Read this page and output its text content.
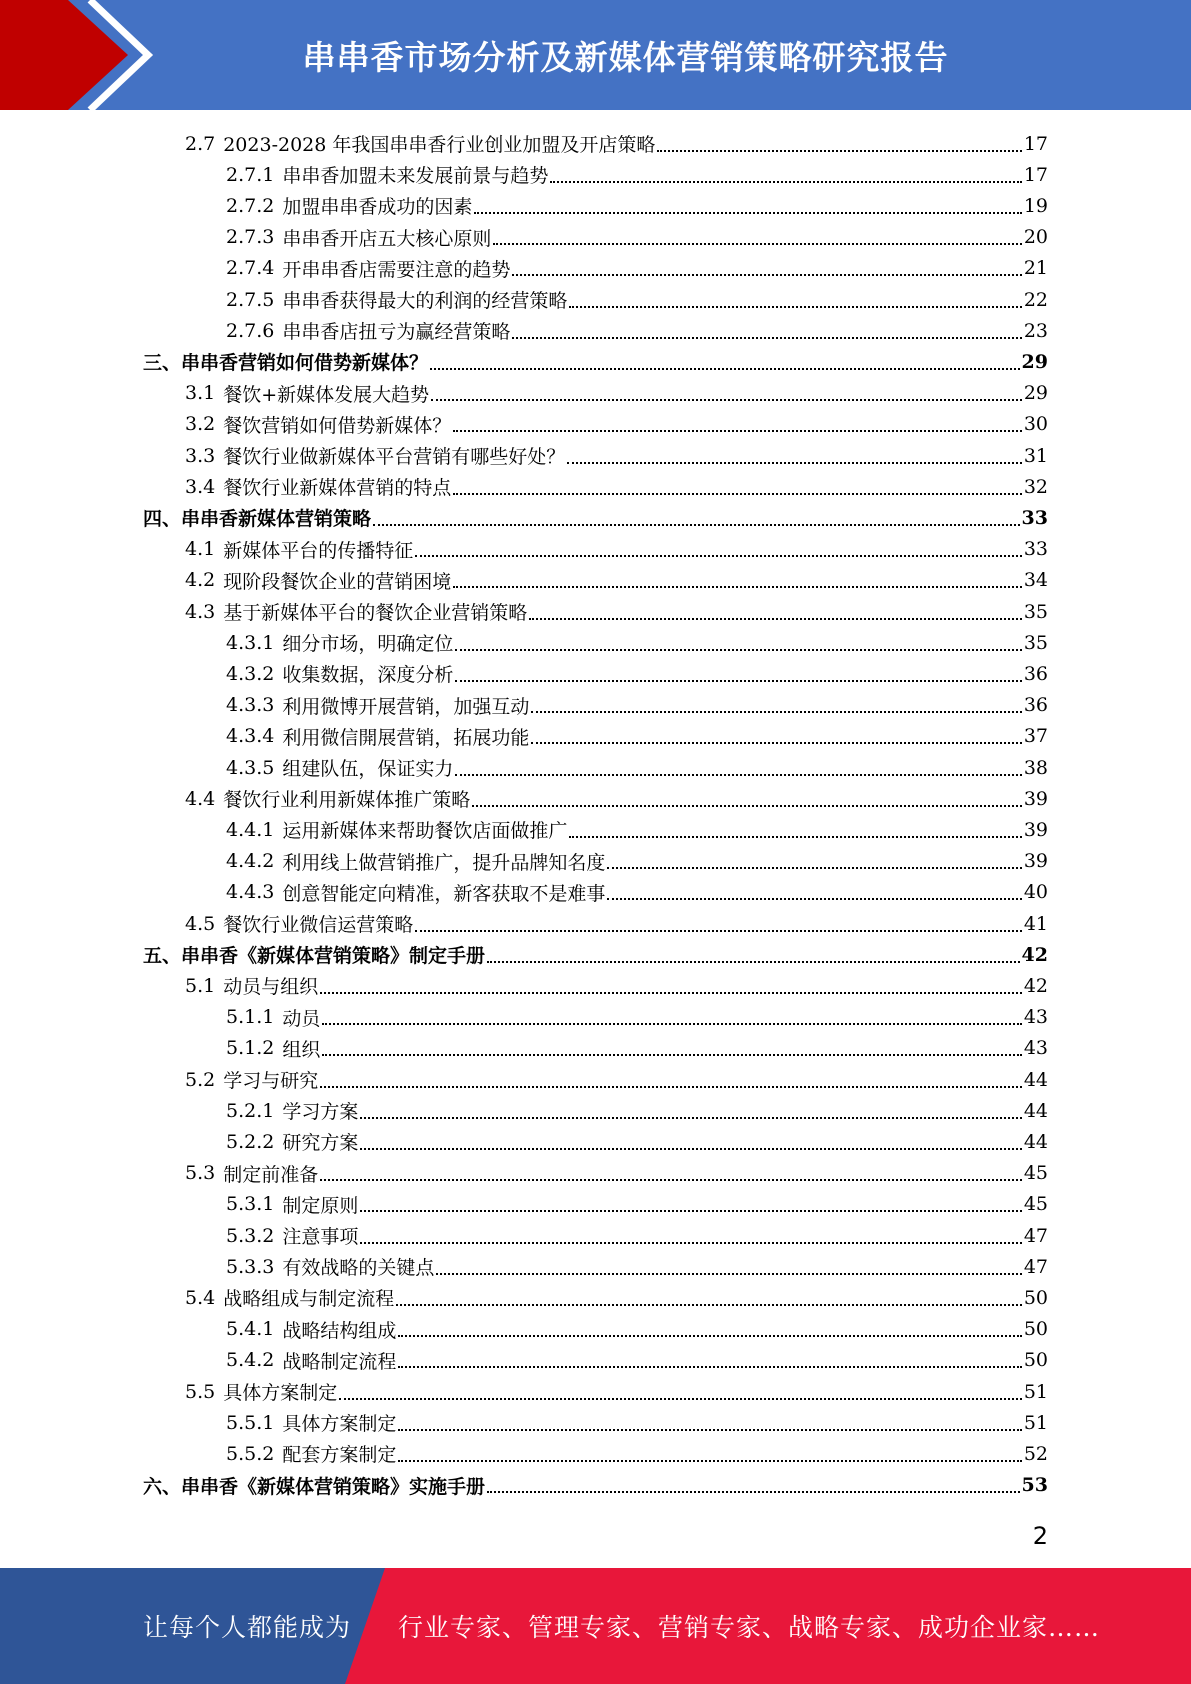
串串香市场分析及新媒体营销策略研究报告
2.7 2023-2028 年我国串串香行业创业加盟及开店策略	17
2.7.1 串串香加盟未来发展前景与趋势	17
2.7.2 加盟串串香成功的因素	19
2.7.3 串串香开店五大核心原则	20
2.7.4 开串串香店需要注意的趋势	21
2.7.5 串串香获得最大的利润的经营策略	22
2.7.6 串串香店扭亏为赢经营策略	23
三、串串香营销如何借势新媒体？	29
3.1 餐饮+新媒体发展大趋势	29
3.2 餐饮营销如何借势新媒体？	30
3.3 餐饮行业做新媒体平台营销有哪些好处？	31
3.4 餐饮行业新媒体营销的特点	32
四、串串香新媒体营销策略	33
4.1 新媒体平台的传播特征	33
4.2 现阶段餐饮企业的营销困境	34
4.3 基于新媒体平台的餐饮企业营销策略	35
4.3.1 细分市场，明确定位	35
4.3.2 收集数据，深度分析	36
4.3.3 利用微博开展营销，加强互动	36
4.3.4 利用微信開展营销，拓展功能	37
4.3.5 组建队伍，保证实力	38
4.4 餐饮行业利用新媒体推广策略	39
4.4.1 运用新媒体来帮助餐饮店面做推广	39
4.4.2 利用线上做营销推广，提升品牌知名度	39
4.4.3 创意智能定向精准，新客获取不是难事	40
4.5 餐饮行业微信运营策略	41
五、串串香《新媒体营销策略》制定手册	42
5.1 动员与组织	42
5.1.1 动员	43
5.1.2 组织	43
5.2 学习与研究	44
5.2.1 学习方案	44
5.2.2 研究方案	44
5.3 制定前准备	45
5.3.1 制定原则	45
5.3.2 注意事项	47
5.3.3 有效战略的关键点	47
5.4 战略组成与制定流程	50
5.4.1 战略结构组成	50
5.4.2 战略制定流程	50
5.5 具体方案制定	51
5.5.1 具体方案制定	51
5.5.2 配套方案制定	52
六、串串香《新媒体营销策略》实施手册	53
2
让每个人都能成为 行业专家、管理专家、营销专家、战略专家、成功企业家……
